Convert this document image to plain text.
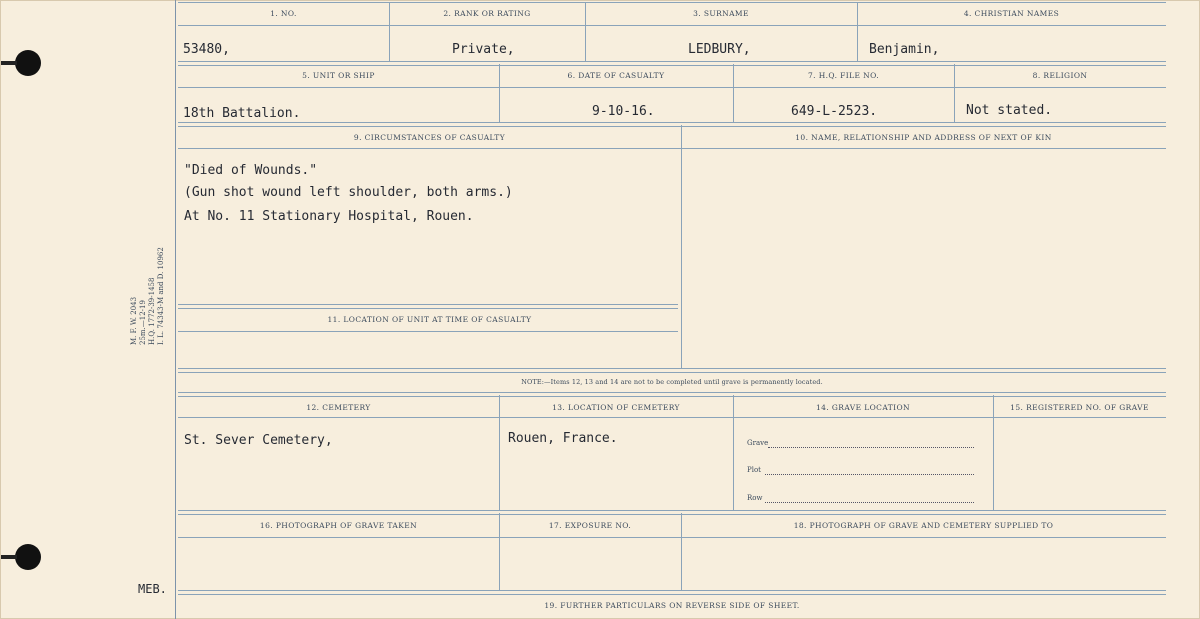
M. F. W. 2043 25m.—12-19 H.Q. 1772-39-1458 I. L. 74343-M and D. 10962
MEB.
1. NO.	2. RANK OR RATING	3. SURNAME	4. CHRISTIAN NAMES
53480,	Private,	LEDBURY,	Benjamin,
5. UNIT OR SHIP	6. DATE OF CASUALTY	7. H.Q. FILE NO.	8. RELIGION
18th Battalion.	9-10-16.	649-L-2523.	Not stated.
9. CIRCUMSTANCES OF CASUALTY	10. NAME, RELATIONSHIP AND ADDRESS OF NEXT OF KIN
"Died of Wounds."
(Gun shot wound left shoulder, both arms.)
At No. 11 Stationary Hospital, Rouen.
11. LOCATION OF UNIT AT TIME OF CASUALTY
NOTE:—Items 12, 13 and 14 are not to be completed until grave is permanently located.
12. CEMETERY	13. LOCATION OF CEMETERY	14. GRAVE LOCATION	15. REGISTERED NO. OF GRAVE
St. Sever Cemetery,	Rouen, France.	Grave
Plot
Row
16. PHOTOGRAPH OF GRAVE TAKEN	17. EXPOSURE NO.	18. PHOTOGRAPH OF GRAVE AND CEMETERY SUPPLIED TO
19. FURTHER PARTICULARS ON REVERSE SIDE OF SHEET.
